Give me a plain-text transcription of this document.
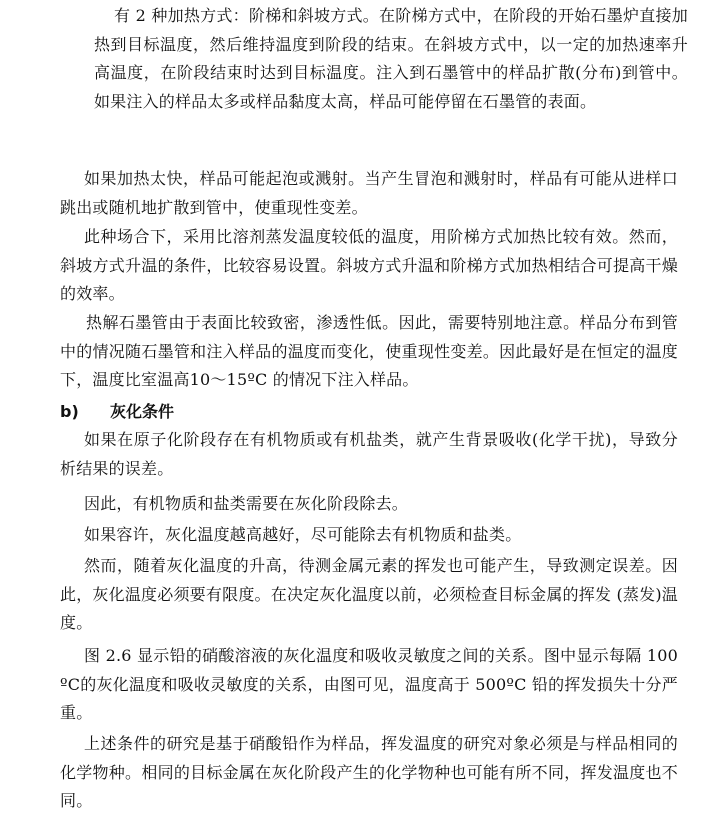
有 2 种加热方式：阶梯和斜坡方式。在阶梯方式中，在阶段的开始石墨炉直接加热到目标温度，然后维持温度到阶段的结束。在斜坡方式中，以一定的加热速率升高温度，在阶段结束时达到目标温度。注入到石墨管中的样品扩散(分布)到管中。如果注入的样品太多或样品黏度太高，样品可能停留在石墨管的表面。

如果加热太快，样品可能起泡或溅射。当产生冒泡和溅射时，样品有可能从进样口跳出或随机地扩散到管中，使重现性变差。

此种场合下，采用比溶剂蒸发温度较低的温度，用阶梯方式加热比较有效。然而，斜坡方式升温的条件，比较容易设置。斜坡方式升温和阶梯方式加热相结合可提高干燥的效率。

热解石墨管由于表面比较致密，渗透性低。因此，需要特别地注意。样品分布到管中的情况随石墨管和注入样品的温度而变化，使重现性变差。因此最好是在恒定的温度下，温度比室温高10～15ºC 的情况下注入样品。

b) 灰化条件

如果在原子化阶段存在有机物质或有机盐类，就产生背景吸收(化学干扰)，导致分析结果的误差。

因此，有机物质和盐类需要在灰化阶段除去。

如果容许，灰化温度越高越好，尽可能除去有机物质和盐类。

然而，随着灰化温度的升高，待测金属元素的挥发也可能产生，导致测定误差。因此，灰化温度必须要有限度。在决定灰化温度以前，必须检查目标金属的挥发 (蒸发)温度。

图 2.6 显示铅的硝酸溶液的灰化温度和吸收灵敏度之间的关系。图中显示每隔 100ºC的灰化温度和吸收灵敏度的关系，由图可见，温度高于 500ºC 铅的挥发损失十分严重。

上述条件的研究是基于硝酸铅作为样品，挥发温度的研究对象必须是与样品相同的化学物种。相同的目标金属在灰化阶段产生的化学物种也可能有所不同，挥发温度也不同。
